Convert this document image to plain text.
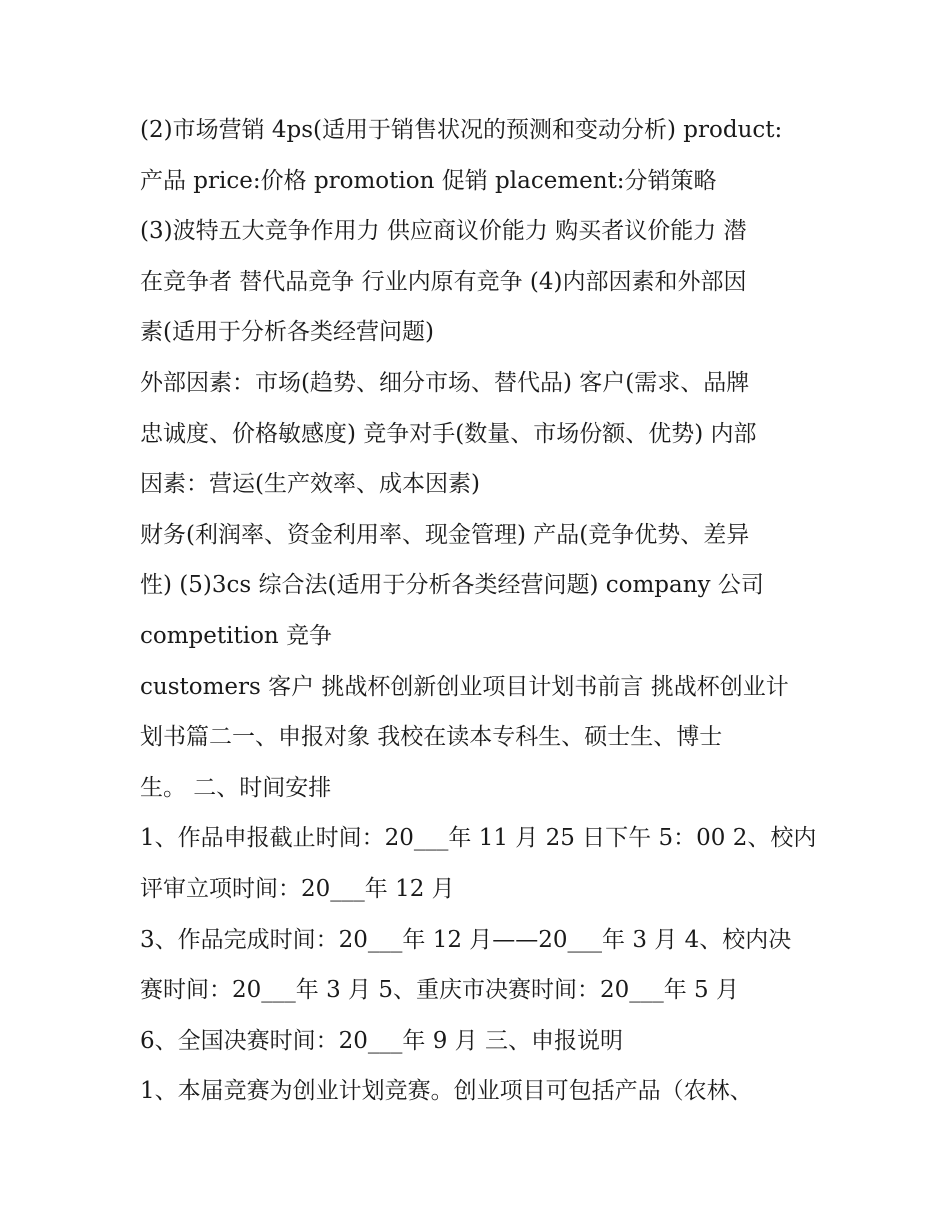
(2)市场营销 4ps(适用于销售状况的预测和变动分析) product:
产品 price:价格 promotion 促销 placement:分销策略
(3)波特五大竞争作用力 供应商议价能力 购买者议价能力 潜
在竞争者 替代品竞争 行业内原有竞争 (4)内部因素和外部因
素(适用于分析各类经营问题)
外部因素：市场(趋势、细分市场、替代品) 客户(需求、品牌
忠诚度、价格敏感度) 竞争对手(数量、市场份额、优势) 内部
因素：营运(生产效率、成本因素)
财务(利润率、资金利用率、现金管理) 产品(竞争优势、差异
性) (5)3cs 综合法(适用于分析各类经营问题) company 公司
competition 竞争
customers 客户 挑战杯创新创业项目计划书前言 挑战杯创业计
划书篇二一、申报对象 我校在读本专科生、硕士生、博士
生。 二、时间安排
1、作品申报截止时间：20___年 11 月 25 日下午 5：00 2、校内
评审立项时间：20___年 12 月
3、作品完成时间：20___年 12 月——20___年 3 月 4、校内决
赛时间：20___年 3 月 5、重庆市决赛时间：20___年 5 月
6、全国决赛时间：20___年 9 月 三、申报说明
1、本届竞赛为创业计划竞赛。创业项目可包括产品（农林、
